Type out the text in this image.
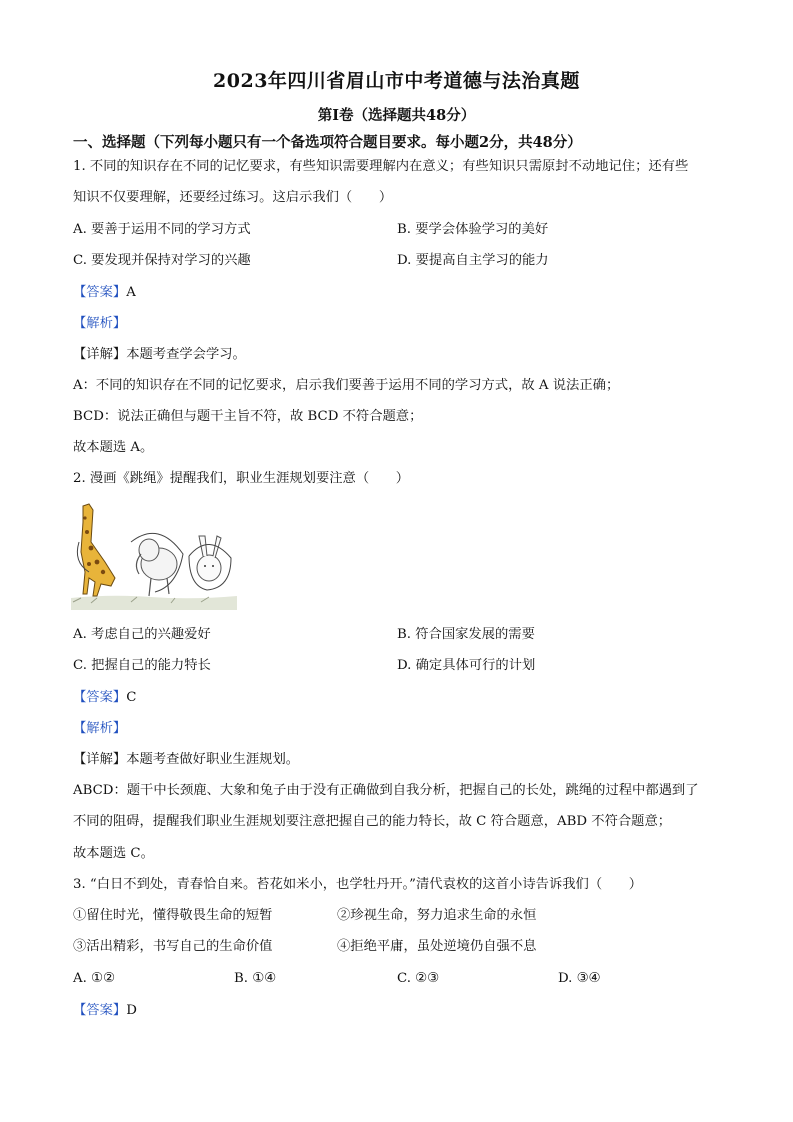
2023年四川省眉山市中考道德与法治真题
第I卷（选择题共48分）
一、选择题（下列每小题只有一个备选项符合题目要求。每小题2分，共48分）
1. 不同的知识存在不同的记忆要求，有些知识需要理解内在意义；有些知识只需原封不动地记住；还有些
知识不仅要理解，还要经过练习。这启示我们（　　）
A. 要善于运用不同的学习方式	B. 要学会体验学习的美好
C. 要发现并保持对学习的兴趣	D. 要提高自主学习的能力
【答案】A
【解析】
【详解】本题考查学会学习。
A：不同的知识存在不同的记忆要求，启示我们要善于运用不同的学习方式，故 A 说法正确；
BCD：说法正确但与题干主旨不符，故 BCD 不符合题意；
故本题选 A。
2. 漫画《跳绳》提醒我们，职业生涯规划要注意（　　）
A. 考虑自己的兴趣爱好	B. 符合国家发展的需要
C. 把握自己的能力特长	D. 确定具体可行的计划
【答案】C
【解析】
【详解】本题考查做好职业生涯规划。
ABCD：题干中长颈鹿、大象和兔子由于没有正确做到自我分析，把握自己的长处，跳绳的过程中都遇到了
不同的阻碍，提醒我们职业生涯规划要注意把握自己的能力特长，故 C 符合题意，ABD 不符合题意；
故本题选 C。
3. “白日不到处，青春恰自来。苔花如米小，也学牡丹开。”清代袁枚的这首小诗告诉我们（　　）
①留住时光，懂得敬畏生命的短暂	②珍视生命，努力追求生命的永恒
③活出精彩，书写自己的生命价值	④拒绝平庸，虽处逆境仍自强不息
A. ①②	B. ①④	C. ②③	D. ③④
【答案】D
